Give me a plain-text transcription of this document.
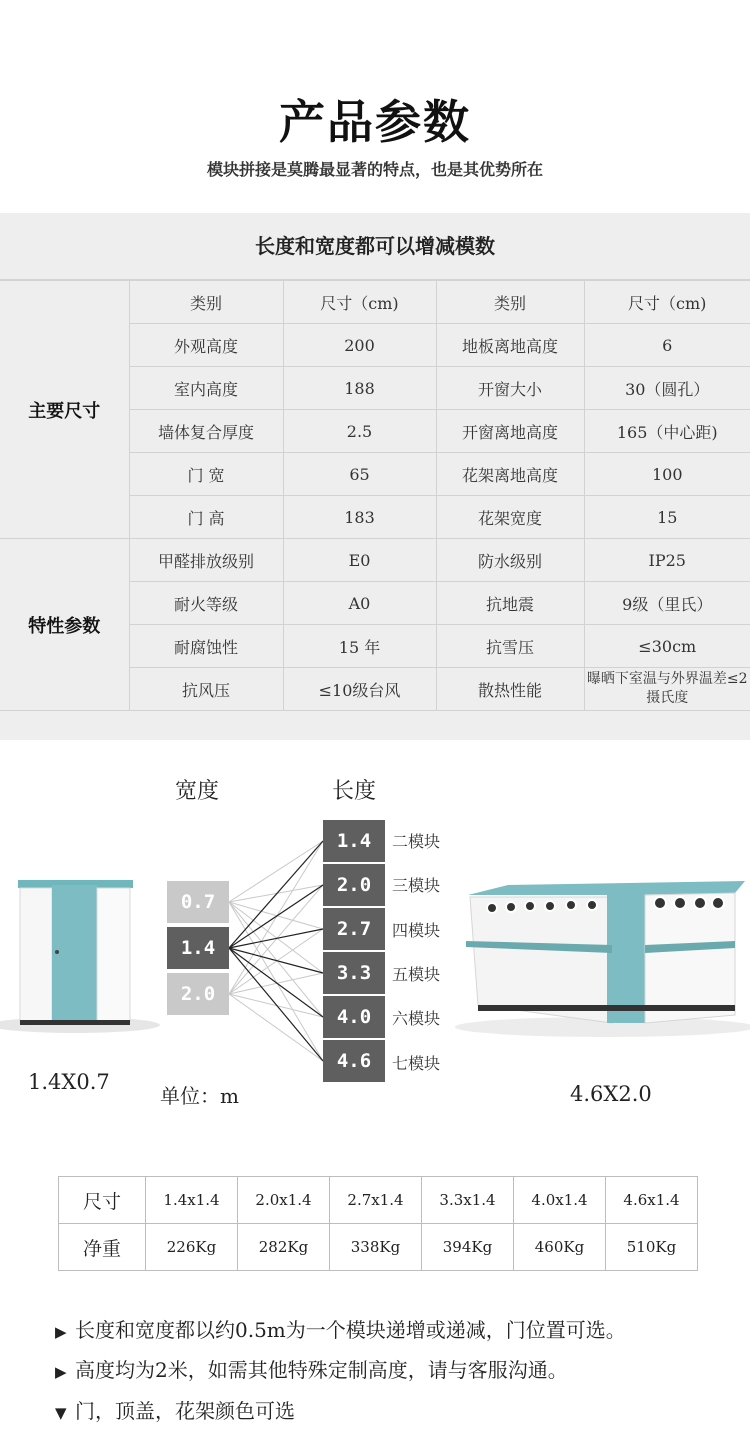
产品参数
模块拼接是莫腾最显著的特点，也是其优势所在
长度和宽度都可以增减模数
主要尺寸	类别	尺寸（cm)	类别	尺寸（cm)
	外观高度	200	地板离地高度	6
	室内高度	188	开窗大小	30（圆孔）
	墙体复合厚度	2.5	开窗离地高度	165（中心距)
	门 宽	65	花架离地高度	100
	门 高	183	花架宽度	15
特性参数	甲醛排放级别	E0	防水级别	IP25
	耐火等级	A0	抗地震	9级（里氏）
	耐腐蚀性	15 年	抗雪压	≤30cm
	抗风压	≤10级台风	散热性能	曝晒下室温与外界温差≤2摄氏度
宽度	长度
0.7
1.4
2.0
1.4
2.0
2.7
3.3
4.0
4.6
二模块
三模块
四模块
五模块
六模块
七模块
1.4X0.7
单位：m	4.6X2.0
尺寸	1.4x1.4	2.0x1.4	2.7x1.4	3.3x1.4	4.0x1.4	4.6x1.4
净重	226Kg	282Kg	338Kg	394Kg	460Kg	510Kg
▶ 长度和宽度都以约0.5m为一个模块递增或递减，门位置可选。
▶ 高度均为2米，如需其他特殊定制高度，请与客服沟通。
▼ 门，顶盖，花架颜色可选
